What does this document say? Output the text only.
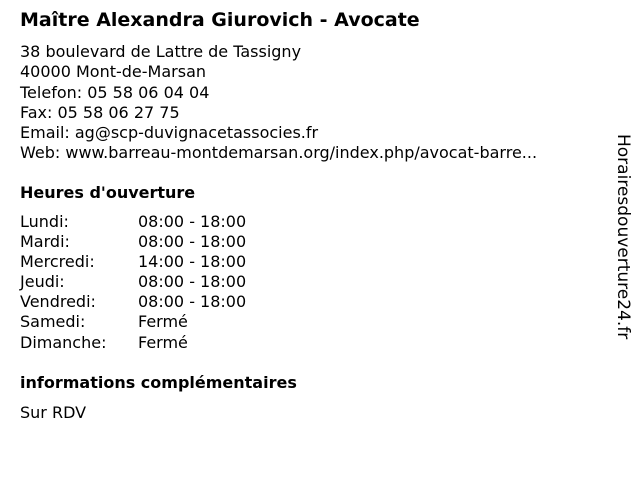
Maître Alexandra Giurovich - Avocate
38 boulevard de Lattre de Tassigny
40000 Mont-de-Marsan
Telefon: 05 58 06 04 04
Fax: 05 58 06 27 75
Email: ag@scp-duvignacetassocies.fr
Web: www.barreau-montdemarsan.org/index.php/avocat-barre...
Heures d'ouverture
Lundi:	08:00 - 18:00
Mardi:	08:00 - 18:00
Mercredi:	14:00 - 18:00
Jeudi:	08:00 - 18:00
Vendredi:	08:00 - 18:00
Samedi:	Fermé
Dimanche: Fermé
informations complémentaires
Sur RDV
Horairesdouverture24.fr
